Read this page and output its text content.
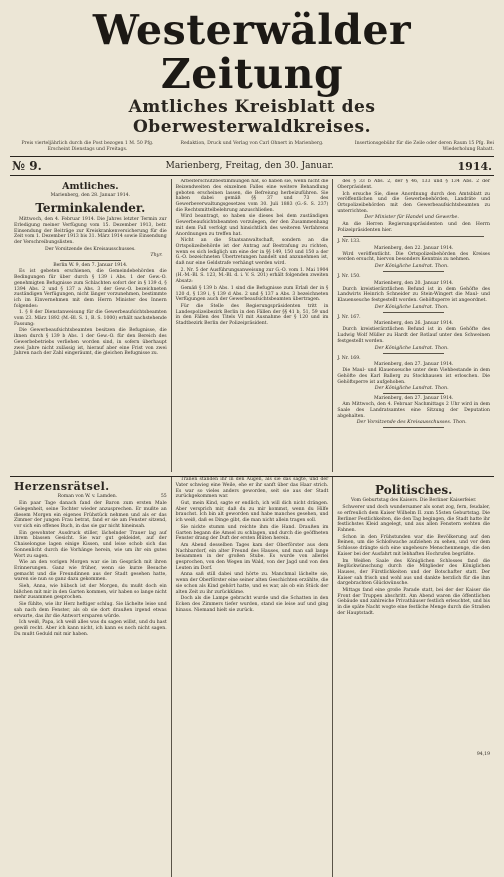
Westerwälder Zeitung
Amtliches Kreisblatt des Oberwesterwaldkreises.
Preis vierteljährlich durch die Post bezogen 1 M. 50 Pfg. Erscheint Dienstags und Freitags.
Redaktion, Druck und Verlag von Carl Ohnert in Marienberg.	Insertionsgebühr für die Zeile oder deren Raum 15 Pfg. Bei Wiederholung Rabatt.
№ 9.	Marienberg, Freitag, den 30. Januar.	1914.
Amtliches.
Marienberg, den 28. Januar 1914.
Terminkalender.

Mittwoch, den 4. Februar 1914. Die Jahres letzter Termin zur Erledigung meiner Verfügung vom 15. Dezember 1913, betr. Einsendung der Beiträge zur Kreiskrankenversicherung für die Zeit vom 1. Dezember 1913 bis 31. März 1914 sowie Einsendung der Verschreibungslisten.

Der Vorsitzende des Kreisausschusses.

Thyr.
Berlin W. 9, den 7. Januar 1914.

Es ist gebeten erschienen, die Gemeindebehörden die Bedingungen für über durch § 139 i Abs. 1 der Gew.-O. genehmigten Befugnisse zum Schlachten sofort der in § 139 d, § 1394 Abs. 2 und § 137 a Abs. 3 der Gew.-O. bezeichneten zuständigen Verfügungen, nicht länger vorzunehmen, bestimmte ich im Einvernehmen mit dem Herrn Minister des Innern folgendes:

1. § 8 der Dienstanweisung für die Gewerbeaufsichtsbeamten vom 23. März 1892 (M.-Bl. S. 1, B. S. 1000) erhält nachstehende Fassung:

Die Gewerbeaufsichtsbeamten besitzen die Befugnisse, die ihnen durch § 139 b Abs. 1 der Gew.-O. für den Bereich des Gewerbebetriebs verliehen worden sind, in sofern überhaupt zwei Jahre nicht zulässig ist, hierauf aber eine Frist von zwei Jahren nach der Zahl eingeräumt, die gleichen Befugnisse zu.

Arbeiterschutzbestimmungen hat, so haben sie, wenn nicht die Beizendweiten des einzelnen Falles eine weitere Behandlung geboten erscheinen lassen, die Befreiung herbeizuführen. Sie haben dabei gemäß §§ 37 und 73 des Gewerbeverwaltungsgesetzes vom 30. Juli 1883 (G.-S. S. 237) die Rechtsmittelbelehrung anzuschließen.

Wird beantragt, so haben sie dieses bei dem zuständigen Gewerbeaufsichtsbeamten vorzulegen, der den Zusammenhang mit dem Fall verfolgt und hinsichtlich des weiteren Verfahrens Anordnungen zu treffen hat.

Nicht an die Staatsanwaltschaft, sondern an die Ortspolizeibehörde ist der Antrag auf Bestrafung zu richten, wenn es sich lediglich um eine der in §§ 149, 150 und 150 a der G.-O. bezeichneten Übertretungen handelt und anzunehmen ist, daß nur eine Geldstrafe verhängt werden wird.

2. Nr. 5 der Ausführungsanweisung zur G.-O. vom 1. Mai 1904 (H.-M.-Bl. S. 123, M.-Bl. d. i. V. S. 201) erhält folgenden zweiten Absatz:

Gemäß § 139 b Abs. 1 sind die Befugnisse zum Erlaß der in § 120 d, § 139 i, § 139 d Abs. 2 und § 137 a Abs. 3 bezeichneten Verfügungen auch der Gewerbeaufsichtsbeamten übertragen.

Für die Stelle des Regierungspräsidenten tritt in Landespolizeibezirk Berlin in den Fällen der §§ 41 b, 51, 59 und in den Fällen des Titels VI mit Ausnahme der § 120 und im Stadtbezirk Berlin der Polizeipräsident.

des § 33 b Abs. 2, der § 46, 133 und § 134 Abs. 2 der Oberpräsident.

Ich ersuche Sie, diese Anordnung durch den Amtsblatt zu veröffentlichen und die Gewerbebehörden, Landräte und Ortspolizeibehörden mit den Gewerbeaufsichtsbeamten zu unterrichten.

Der Minister für Handel und Gewerbe.

An die Herren Regierungspräsidenten und den Herrn Polizeipräsidenten hier.

J. Nr. 133.
Marienberg, den 22. Januar 1914.
Wird veröffentlicht. Die Ortspolizeibehörden des Kreises werden ersucht, hiervon besonders Kenntnis zu nehmen.
Der Königliche Landrat. Thon.
J. Nr. 150.
Marienberg, den 20. Januar 1914.
Durch kreistierärztlichen Befund ist in dem Gehöfte des Landwirts Heinrich Schneider zu Stein-Wingert die Maul- und Klauenseuche festgestellt worden. Gehöftsperre ist angeordnet.
Der Königliche Landrat. Thon.
J. Nr. 167.
Marienberg, den 26. Januar 1914.
Durch kreistierärztlichen Befund ist in dem Gehöfte des Ludwig Wolf Müller zu Hardt der Rotlauf unter den Schweinen festgestellt worden.
Der Königliche Landrat. Thon.
J. Nr. 169.
Marienberg, den 27. Januar 1914.
Die Maul- und Klauenseuche unter dem Viehbestande in dem Gehöfte des Karl Ballerg zu Stockhausen ist erloschen. Die Gehöftsperre ist aufgehoben.
Der Königliche Landrat. Thon.
Marienberg, den 27. Januar 1914.
Am Mittwoch, den 4. Februar Nachmittags 2 Uhr wird in dem Saale des Landratsamtes eine Sitzung der Deputation abgehalten.
Der Vorsitzende des Kreisausschusses. Thon.
Herzensrätsel.
Roman von W. v. Lamden.	55

Ein paar Tage danach fand der Baron zum ersten Male Gelegenheit, seine Tochter wieder anzusprechen. Er mußte an diesem Morgen ein eigenes Frühstück nehmen und als er das Zimmer der jungen Frau betrat, fand er sie am Fenster sitzend, vor sich ein offenes Buch, in das sie gar nicht hineinsah.

Ein gewohnter Ausdruck stiller, lächelnder Trauer lag auf ihrem blassen Gesicht. Sie war gut gekleidet, auf der Chaiselongue lagen einige Kissen, und leise schob sich das Sonnenlicht durch die Vorhänge herein, wie um ihr ein gutes Wort zu sagen.

Wie an den vorigen Morgen war sie im Gespräch mit ihren Erinnerungen. Ganz wie früher, wenn sie kurze Besuche gemacht und die Freundinnen aus der Stadt gesehen hatte, waren sie nun so ganz dazu gekommen.

Sieh, Anna, wie hübsch ist der Morgen, du mußt doch ein bißchen mit mir in den Garten kommen, wir haben so lange nicht mehr zusammen gesprochen.

Sie fühlte, wie ihr Herz heftiger schlug. Sie lächelte leise und sah nach dem Fenster, als ob sie dort draußen irgend etwas erwarte, das ihr die Antwort ersparen würde.

Ich weiß, Papa, ich weiß alles was du sagen willst, und du hast gewiß recht. Aber ich kann nicht, ich kann es noch nicht sagen. Du mußt Geduld mit mir haben.

Tränen standen ihr in den Augen, als sie das sagte, und der Vater schwieg eine Weile, ehe er ihr sanft über das Haar strich. Es war so vieles anders geworden, seit sie aus der Stadt zurückgekommen war.

Gut, mein Kind, sagte er endlich, ich will dich nicht drängen. Aber versprich mir, daß du zu mir kommst, wenn du Hilfe brauchst. Ich bin alt geworden und habe manches gesehen, und ich weiß, daß es Dinge gibt, die man nicht allein tragen soll.

Sie nickte stumm und reichte ihm die Hand. Draußen im Garten begann die Amsel zu schlagen, und durch die geöffneten Fenster drang der Duft der ersten Blüten herein.

Am Abend desselben Tages kam der Oberförster aus dem Nachbardorf, ein alter Freund des Hauses, und man saß lange beisammen in der großen Stube. Es wurde von allerlei gesprochen, von den Wegen im Wald, von der Jagd und von den Leuten im Dorf.

Anna saß still dabei und hörte zu. Manchmal lächelte sie, wenn der Oberförster eine seiner alten Geschichten erzählte, die sie schon als Kind gehört hatte, und es war, als ob ein Stück der alten Zeit zu ihr zurückkäme.

Doch als die Lampe gebracht wurde und die Schatten in den Ecken des Zimmers tiefer wurden, stand sie leise auf und ging hinaus. Niemand hielt sie zurück.

Politisches.
Vom Geburtstag des Kaisers. Die Berliner Kaiserfeier.

Schwerer und doch wundersamer als sonst zog, fern, feudaler, so erfreulich dem Kaiser Wilhelm II. zum 55sten Geburtstag. Die Berliner Festlichkeiten, die den Tag begingen, die Stadt hatte ihr festlichstes Kleid angelegt, und aus allen Fenstern wehten die Fahnen.

Schon in den Frühstunden war die Bevölkerung auf den Beinen, um die Schloßwache aufziehen zu sehen, und vor dem Schlosse drängte sich eine ungeheure Menschenmenge, die den Kaiser bei der Ausfahrt mit lebhaften Hochrufen begrüßte.

Im Weißen Saale des Königlichen Schlosses fand die Beglückwünschung durch die Mitglieder des Königlichen Hauses, der Fürstlichkeiten und der Botschafter statt. Der Kaiser sah frisch und wohl aus und dankte herzlich für die ihm dargebrachten Glückwünsche.

Mittags fand eine große Parade statt, bei der der Kaiser die Front der Truppen abschritt. Am Abend waren die öffentlichen Gebäude und zahlreiche Privathäuser festlich erleuchtet, und bis in die späte Nacht wogte eine festliche Menge durch die Straßen der Hauptstadt.

94,19
